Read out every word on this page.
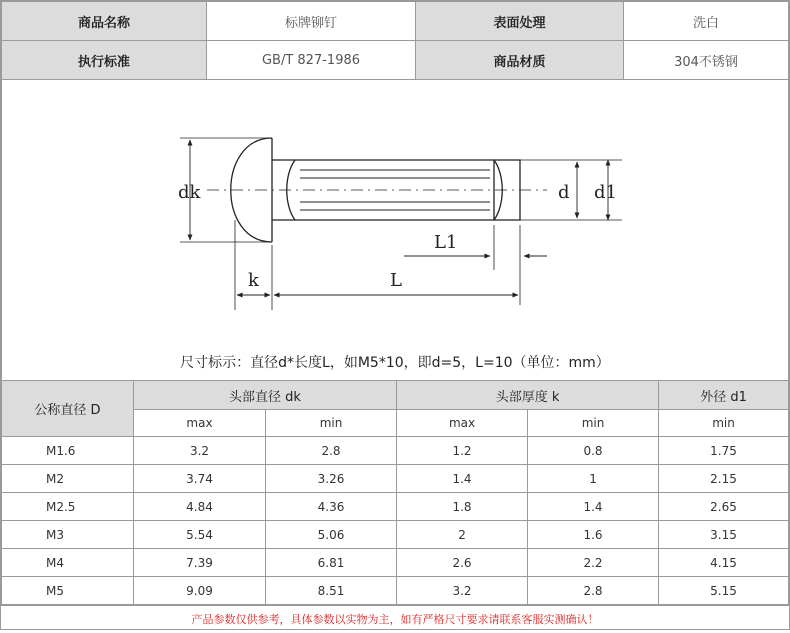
商品名称	标牌铆钉	表面处理	洗白
执行标准	GB/T 827-1986	商品材质	304不锈钢
dk	d d1
L1
k	L
尺寸标示：直径d*长度L，如M5*10，即d=5，L=10（单位：mm）
公称直径 D	头部直径 dk		头部厚度 k		外径 d1
	max	min	max	min	min
M1.6	3.2	2.8	1.2	0.8	1.75
M2	3.74	3.26	1.4	1	2.15
M2.5	4.84	4.36	1.8	1.4	2.65
M3	5.54	5.06	2	1.6	3.15
M4	7.39	6.81	2.6	2.2	4.15
M5	9.09	8.51	3.2	2.8	5.15
产品参数仅供参考，具体参数以实物为主，如有严格尺寸要求请联系客服实测确认！
